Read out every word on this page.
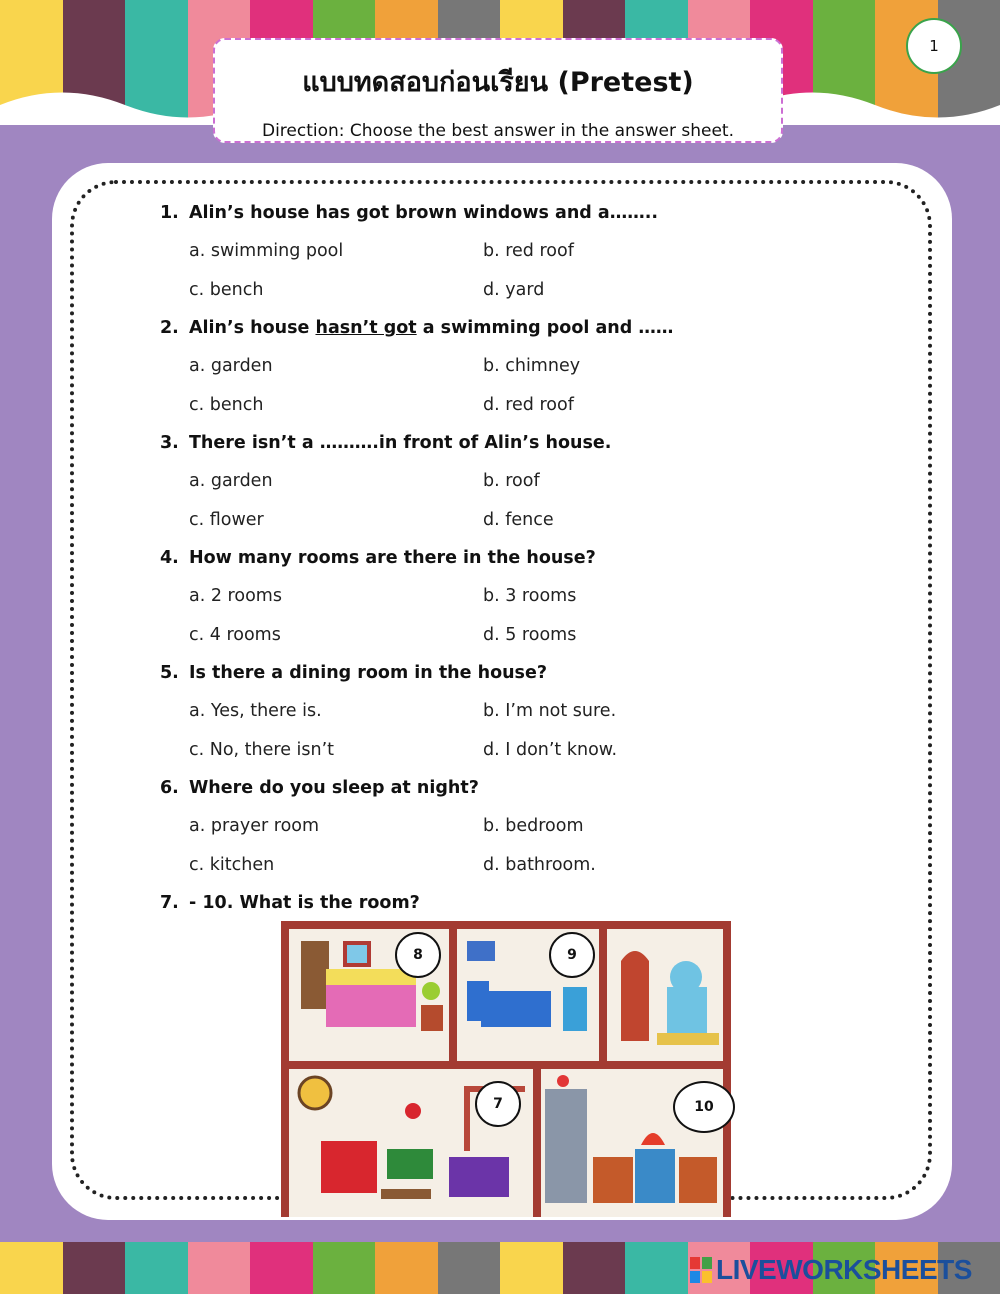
แบบทดสอบก่อนเรียน (Pretest)
Direction: Choose the best answer in the answer sheet.
1
1. Alin’s house has got brown windows and a……..
a. swimming pool	b. red roof
c. bench	d. yard
2. Alin’s house hasn’t got a swimming pool and ……
a. garden	b. chimney
c. bench	d. red roof
3. There isn’t a ……….in front of Alin’s house.
a. garden	b. roof
c. flower	d. fence
4. How many rooms are there in the house?
a. 2 rooms	b. 3 rooms
c. 4 rooms	d. 5 rooms
5. Is there a dining room in the house?
a. Yes, there is.	b. I’m not sure.
c. No, there isn’t	d. I don’t know.
6. Where do you sleep at night?
a. prayer room	b. bedroom
c. kitchen	d. bathroom.
7. - 10. What is the room?
8	9
7	10
LIVEWORKSHEETS
